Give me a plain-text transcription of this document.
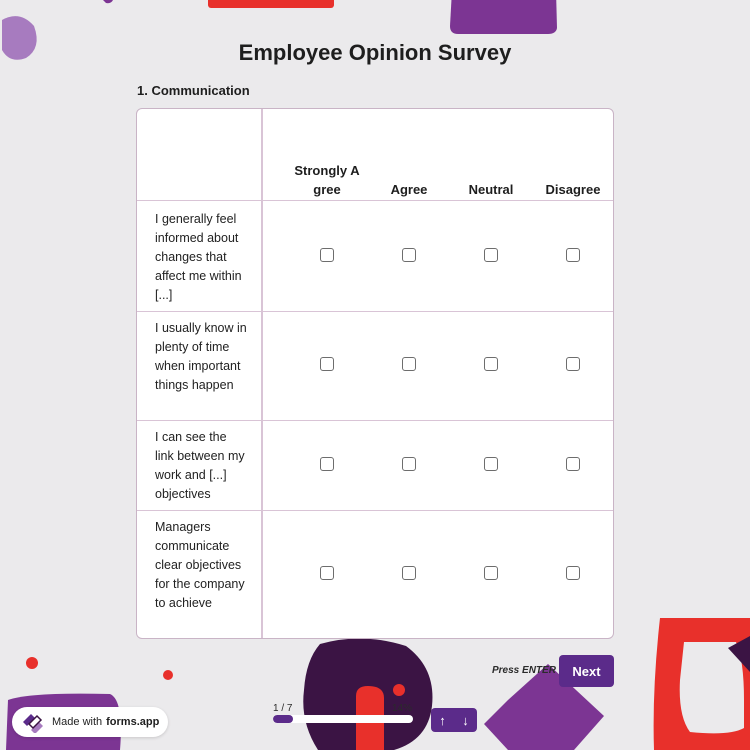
Employee Opinion Survey
1. Communication
Strongly Agree	Agree	Neutral	Disagree
I generally feel informed about changes that affect me within [...]
I usually know in plenty of time when important things happen
I can see the link between my work and [...] objectives
Managers communicate clear objectives for the company to achieve
Press ENTER	Next
Made with forms.app
1 / 7	14%
↑	↓
